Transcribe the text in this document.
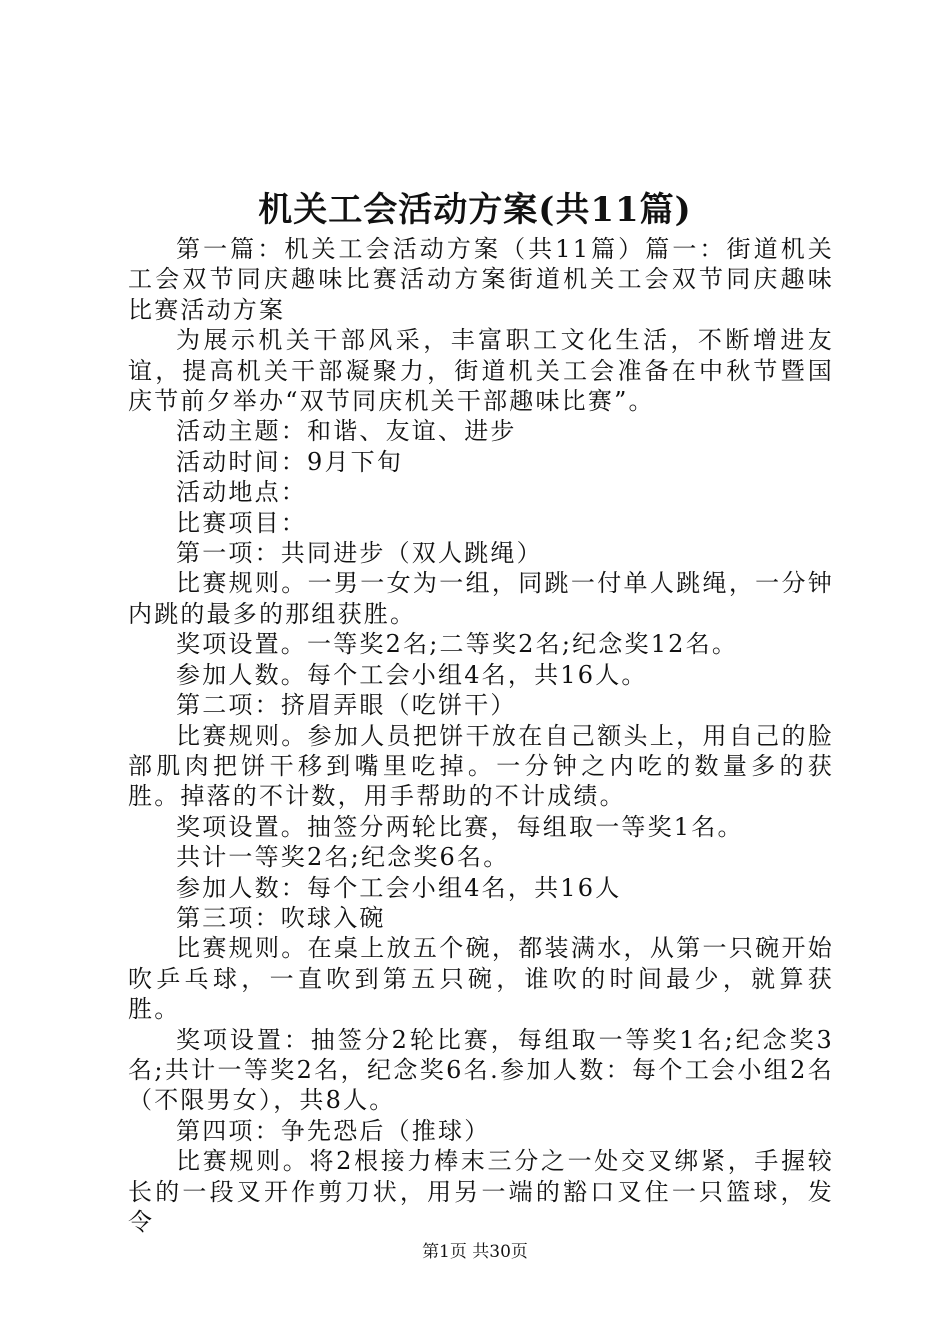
机关工会活动方案(共11篇)

第一篇：机关工会活动方案（共11篇）篇一：街道机关工会双节同庆趣味比赛活动方案街道机关工会双节同庆趣味比赛活动方案

为展示机关干部风采，丰富职工文化生活，不断增进友谊，提高机关干部凝聚力，街道机关工会准备在中秋节暨国庆节前夕举办“双节同庆机关干部趣味比赛”。

活动主题：和谐、友谊、进步

活动时间：9月下旬

活动地点：

比赛项目：

第一项：共同进步（双人跳绳）

比赛规则。一男一女为一组，同跳一付单人跳绳，一分钟内跳的最多的那组获胜。

奖项设置。一等奖2名;二等奖2名;纪念奖12名。

参加人数。每个工会小组4名，共16人。

第二项：挤眉弄眼（吃饼干）

比赛规则。参加人员把饼干放在自己额头上，用自己的脸部肌肉把饼干移到嘴里吃掉。一分钟之内吃的数量多的获胜。掉落的不计数，用手帮助的不计成绩。

奖项设置。抽签分两轮比赛，每组取一等奖1名。

共计一等奖2名;纪念奖6名。

参加人数：每个工会小组4名，共16人

第三项：吹球入碗

比赛规则。在桌上放五个碗，都装满水，从第一只碗开始吹乒乓球，一直吹到第五只碗，谁吹的时间最少，就算获胜。

奖项设置：抽签分2轮比赛，每组取一等奖1名;纪念奖3名;共计一等奖2名，纪念奖6名.参加人数：每个工会小组2名（不限男女），共8人。

第四项：争先恐后（推球）

比赛规则。将2根接力棒末三分之一处交叉绑紧，手握较长的一段叉开作剪刀状，用另一端的豁口叉住一只篮球，发令

第1页 共30页
